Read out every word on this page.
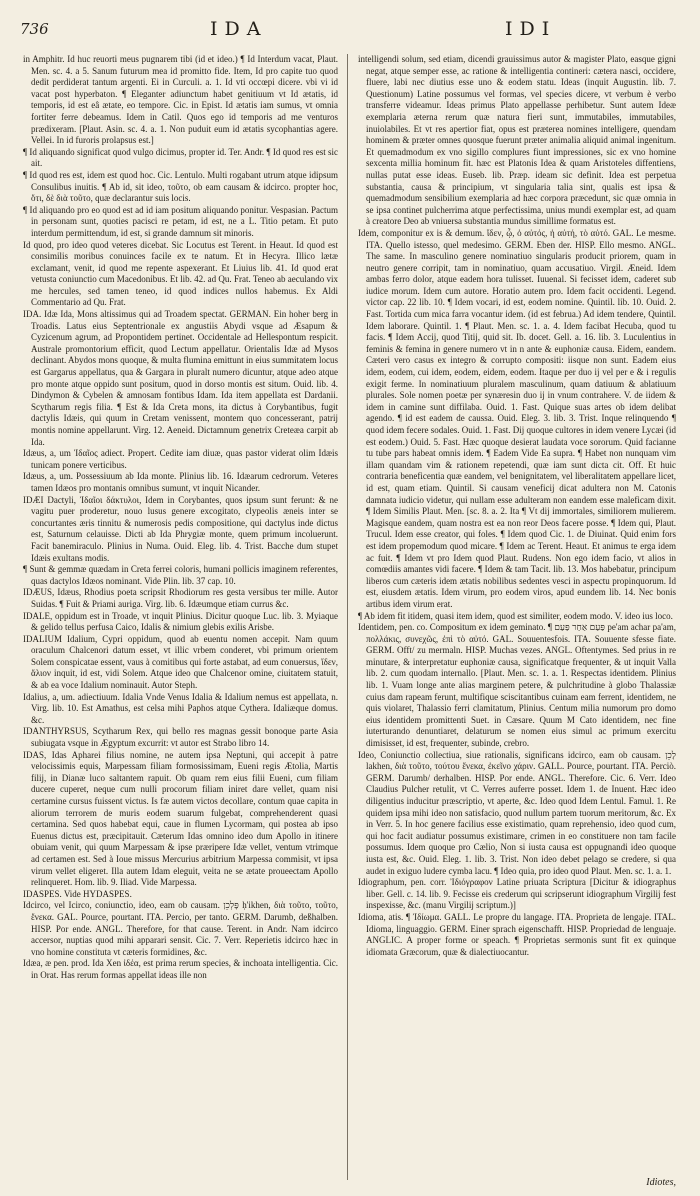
736	IDA	IDI

in Amphitr. Id huc reuorti meus pugnarem tibi (id et ideo.) ¶ Id Interdum vacat, Plaut. Men. sc. 4. a 5. Sanum futurum mea id promitto fide. Item, Id pro capite tuo quod dedit perdiderat tantum argenti. Ei in Curculi. a. 1. Id vti occœpi dicere. vbi vi id vacat post hyperbaton. ¶ Eleganter adiunctum habet genitiuum vt Id ætatis, id temporis, id est eâ ætate, eo tempore. Cic. in Epist. Id ætatis iam sumus, vt omnia fortiter ferre debeamus. Idem in Catil. Quos ego id temporis ad me venturos prædixeram. [Plaut. Asin. sc. 4. a. 1. Non puduit eum id ætatis sycophantias agere. Vellei. In id furoris prolapsus est.]

¶ Id aliquando significat quod vulgo dicimus, propter id. Ter. Andr. ¶ Id quod res est sic ait.

¶ Id quod res est, idem est quod hoc. Cic. Lentulo. Multi rogabant utrum atque idipsum Consulibus inuitis. ¶ Ab id, sit ideo, τοῦτο, ob eam causam & idcirco. propter hoc, ὅτι, δὲ διὰ τοῦτο, quæ declarantur suis locis.

¶ Id aliquando pro eo quod est ad id iam positum aliquando ponitur. Vespasian. Pactum in personam sunt, quoties pacisci re petam, id est, ne a L. Titio petam. Et puto interdum permittendum, id est, si grande damnum sit minoris.

Id quod, pro ideo quod veteres dicebat. Sic Locutus est Terent. in Heaut. Id quod est consimilis moribus conuinces facile ex te natum. Et in Hecyra. Illico lætæ exclamant, venit, id quod me repente aspexerant. Et Liuius lib. 41. Id quod erat vetusta coniunctio cum Macedonibus. Et lib. 42. ad Qu. Frat. Teneo ab aeculando vix me hercules, sed tamen teneo, id quod indices nullos habemus. Ex Aldi Commentario ad Qu. Frat.

IDA. Idæ Ida, Mons altissimus qui ad Troadem spectat. GERMAN. Ein hoher berg in Troadis. Latus eius Septentrionale ex angustiis Abydi vsque ad Æsapum & Cyzicenum agrum, ad Propontidem pertinet. Occidentale ad Hellespontum respicit. Australe promontorium efficit, quod Lectum appellatur. Orientalis Idæ ad Mysos declinant. Abydos mons quoque, & multa flumina emittunt in eius summitatem locus est Gargarus appellatus, qua & Gargara in pluralt numero dicuntur, atque adeo atque pro monte atque oppido sunt positum, quod in dorso montis est situm. Ouid. lib. 4. Dindymon & Cybelen & amnosam fontibus Idam. Ida item appellata est Dardanii. Scytharum regis filia. ¶ Est & Ida Creta mons, ita dictus à Corybantibus, fugit dactylis Idæis, qui quum in Cretam venissent, montem quo concesserant, patrij montis nomine appellarunt. Virg. 12. Aeneid. Dictamnum genetrix Creteæa carpit ab Ida.

Idæus, a, um Ἰδαῖος adiect. Propert. Cedite iam diuæ, quas pastor viderat olim Idæis tunicam ponere verticibus.

Idæus, a, um. Possessiuum ab Ida monte. Plinius lib. 16. Idæarum cedrorum. Veteres tamen Idæos pro montanis omnibus sumunt, vt inquit Nicander.

IDÆI Dactyli, Ἰδαῖοι δάκτυλοι, Idem in Corybantes, quos ipsum sunt ferunt: & ne vagitu puer proderetur, nouo lusus genere excogitato, clypeolis æneis inter se concurtantes æris tinnitu & numerosis pedis compositione, qui dactylus inde dictus est, Saturnum celauisse. Dicti ab Ida Phrygiæ monte, quem primum incoluerunt. Facit banemiraculo. Plinius in Numa. Ouid. Eleg. lib. 4. Trist. Bacche dum stupet Idæis exultans modis.

¶ Sunt & gemmæ quædam in Creta ferrei coloris, humani pollicis imaginem referentes, quas dactylos Idæos nominant. Vide Plin. lib. 37 cap. 10.

IDÆUS, Idæus, Rhodius poeta scripsit Rhodiorum res gesta versibus ter mille. Autor Suidas. ¶ Fuit & Priami auriga. Virg. lib. 6. Idæumque etiam currus &c.

IDALE, oppidum est in Troade, vt inquit Plinius. Dicitur quoque Luc. lib. 3. Myiaque & gelido tellus perfusa Caico, Idalis & nimium glebis exilis Arisbe.

IDALIUM Idalium, Cypri oppidum, quod ab euentu nomen accepit. Nam quum oraculum Chalcenori datum esset, vt illic vrbem conderet, vbi primum orientem Solem conspicatae essent, vaus à comitibus qui forte astabat, ad eum conuersus, ἴδεν, ἅλιον inquit, id est, vidi Solem. Atque ideo que Chalcenor omine, ciuitatem statuit, & ab ea voce Idalium nominauit. Autor Steph.

Idalius, a, um. adiectiuum. Idalia Vnde Venus Idalia & Idalium nemus est appellata, n. Virg. lib. 10. Est Amathus, est celsa mihi Paphos atque Cythera. Idaliæque domus. &c.

IDANTHYRSUS, Scytharum Rex, qui bello res magnas gessit bonoque parte Asia subiugata vsque in Ægyptum excurrit: vt autor est Strabo libro 14.

IDAS, Idas Apharei filius nomine, ne autem ipsa Neptuni, qui accepit à patre velocissimis equis, Marpessam filiam formosissimam, Eueni regis Ætolia, Martis filij, in Dianæ luco saltantem rapuit. Ob quam rem eius filii Eueni, cum filiam ducere cuperet, neque cum nulli procorum filiam iniret dare vellet, quam nisi certamine cursus fuissent victus. Is fæ autem victos decollare, contum quae capita in aliorum terrorem de muris eodem suarum fulgebat, comprehenderent quasi certamina. Sed quos habebat equi, caue in flumen Lycormam, qui postea ab ipso Euenus dictus est, præcipitauit. Cæterum Idas omnino ideo dum Apollo in itinere obuiam venit, qui quum Marpessam & ipse præripere Idæ vellet, ventum vtrimque ad certamen est. Sed à Ioue missus Mercurius arbitrium Marpessa commisit, vt ipsa virum vellet eligeret. Illa autem Idam eleguit, veita ne se ætate proueectam Apollo relinqueret. Hom. lib. 9. Iliad. Vide Marpessa.

IDASPES. Vide HYDASPES.

Idcirco, vel Icirco, coniunctio, ideo, eam ob causam. פָּלְכֵן ḥ'ikhen, διὰ τοῦτο, τοῦτο, ἕνεκα. GAL. Pource, pourtant. ITA. Percio, per tanto. GERM. Darumb, deßhalben. HISP. Por ende. ANGL. Therefore, for that cause. Terent. in Andr. Nam idcirco accersor, nuptias quod mihi apparari sensit. Cic. 7. Verr. Reperietis idcirco hæc in vno homine constituta vt cæteris formidines, &c.

Idæa, æ pen. prod. Ida Xen ἰδέα, est prima rerum species, & inchoata intelligentia. Cic. in Orat. Has rerum formas appellat ideas ille non

intelligendi solum, sed etiam, dicendi grauissimus autor & magister Plato, easque gigni negat, atque semper esse, ac ratione & intelligentia contineri: cætera nasci, occidere, fluere, labi nec diutius esse uno & eodem statu. Ideas (inquit Augustin. lib. 7. Questionum) Latine possumus vel formas, vel species dicere, vt verbum è verbo transferre videamur. Ideas primus Plato appellasse perhibetur. Sunt autem Ideæ exemplaria æterna rerum quæ natura fieri sunt, immutabiles, immutabiles, inuiolabiles. Et vt res apertior fiat, opus est præterea nomines intelligere, quendam hominem & præter omnes quosque fuerunt præter animalia aliquid animal ingenitum. Et quemadmodum ex vno sigillo complures fiunt impressiones, sic ex vno homine sexcenta millia hominum fit. hæc est Platonis Idea & quam Aristoteles diffentiens, nullas putat esse ideas. Euseb. lib. Præp. ideam sic definit. Idea est perpetua substantia, causa & principium, vt singularia talia sint, qualis est ipsa & quemadmodum sensibilium exemplaria ad hæc corpora præcedunt, sic quæ omnia in se ipsa continet pulcherrima atque perfectissima, unius mundi exemplar est, ad quam à creatore Deo ab vniuersa substantia mundus simillime formatus est.

Idem, componitur ex is & demum. ἴδεν, ᾧ, ὁ αὐτός, ἡ αὐτή, τὸ αὐτό. GAL. Le mesme. ITA. Quello istesso, quel medesimo. GERM. Eben der. HISP. Ello mesmo. ANGL. The same. In masculino genere nominatiuo singularis producit priorem, quam in neutro genere corripit, tam in nominatiuo, quam accusatiuo. Virgil. Æneid. Idem ambas ferro dolor, atque eadem hora tulisset. Iuuenal. Si fecisset idem, caderet sub iudice morum. Idem cum autore. Horatio autem pro. Idem facit occidenti. Legend. victor cap. 22 lib. 10. ¶ Idem vocari, id est, eodem nomine. Quintil. lib. 10. Ouid. 2. Fast. Tortida cum mica farra vocantur idem. (id est februa.) Ad idem tendere, Quintil. Idem laborare. Quintil. 1. ¶ Plaut. Men. sc. 1. a. 4. Idem facibat Hecuba, quod tu facis. ¶ Idem Accij, quod Titij, quid sit. Ib. docet. Gell. a. 16. lib. 3. Luculentius in feminis & femina in genere numero vt in n ante & euphoniæ causa. Eidem, eandem. Cæteri vero casus ex integro & corrupto compositi: iisque non sunt. Eadem eius idem, eodem, cui idem, eodem, eidem, eodem. Itaque per duo ij vel per e & i regulis exigit ferme. In nominatiuum pluralem masculinum, quam datiuum & ablatiuum plurales. Sole nomen poetæ per synæresin duo ij in vnum contrahere. V. de iidem & idem in camine sunt diffilaba. Ouid. 1. Fast. Quique suas artes ob idem delibat agendo. ¶ id est eadem de caussa. Ouid. Eleg. 3. lib. 3. Trist. Inque relinquendo ¶ quod idem fecere sodales. Ouid. 1. Fast. Dij quoque cultores in idem venere Lycæi (id est eodem.) Ouid. 5. Fast. Hæc quoque desierat laudata voce sororum. Quid facianne tu tube pars habeat omnis idem. ¶ Eadem Vide Ea supra. ¶ Habet non nunquam vim illam quandam vim & rationem repetendi, quæ iam sunt dicta cit. Off. Et huic contraria beneficentia quæ eandem, vel benignitatem, vel liberalitatem appellare licet, id est, quam etiam. Quintil. Si causam veneficij dicat adultera non M. Catonis damnata iudicio videtur, qui nullam esse adulteram non eandem esse maleficam dixit. ¶ Idem Similis Plaut. Men. [sc. 8. a. 2. Ita ¶ Vt dij immortales, similiorem mulierem. Magisque eandem, quam nostra est ea non reor Deos facere posse. ¶ Idem qui, Plaut. Trucul. Idem esse creator, qui foles. ¶ Idem quod Cic. 1. de Diuinat. Quid enim fors est idem propemodum quod micare. ¶ Idem ac Terent. Heaut. Et animus te erga idem ac fuit. ¶ Idem vt pro Idem quod Plaut. Rudens. Non ego idem facio, vt alios in comœdiis amantes vidi facere. ¶ Idem & tam Tacit. lib. 13. Mos habebatur, principum liberos cum cæteris idem ætatis nobilibus sedentes vesci in aspectu propinquorum. Id est, eiusdem ætatis. Idem virum, pro eodem viros, apud eundem lib. 14. Nec bonis artibus idem virum erat.

¶ Ab idem fit itidem, quasi item idem, quod est similiter, eodem modo. V. ideo ius loco.

Identidem, pen. co. Compositum ex idem geminato. ¶ פַּעַם אַחַר פַּעַם pe'am achar pa'am, πολλάκις, συνεχῶς, ἐπὶ τὸ αὐτό. GAL. Souuentesfois. ITA. Souuente sfesse fiate. GERM. Offt/ zu mermaln. HISP. Muchas vezes. ANGL. Oftentymes. Sed prius in re minutare, & interpretatur euphoniæ causa, significatque frequenter, & ut inquit Valla lib. 2. cum quodam internallo. [Plaut. Men. sc. 1. a. 1. Respectas identidem. Plinius lib. 1. Vuam longe ante alias marginem petere, & pulchritudine à globo Thalassiæ cuius dam rapeam ferunt, multifique sciscitantibus cuinam eam ferrent, identidem, ne quis violaret, Thalassio ferri clamitatum, Plinius. Centum milia numorum pro domo eius identidem promittenti Suet. in Cæsare. Quum M Cato identidem, nec fine iuterturando denuntiaret, delaturum se nomen eius simul ac primum exercitu dimisisset, id est, frequenter, subinde, crebro.

Ideo, Coniunctio collectiua, siue rationalis, significans idcirco, eam ob causam. לָכֵן lakhen, διὰ τοῦτο, τούτου ἕνεκα, ἐκεῖνο χάριν. GALL. Pource, pourtant. ITA. Perciò. GERM. Darumb/ derhalben. HISP. Por ende. ANGL. Therefore. Cic. 6. Verr. Ideo Claudius Pulcher retulit, vt C. Verres auferre posset. Idem 1. de Inuent. Hæc ideo diligentius inducitur præscriptio, vt aperte, &c. Ideo quod Idem Lentul. Famul. 1. Re quidem ipsa mihi ideo non satisfacio, quod nullum partem tuorum meritorum, &c. Ex in Verr. 5. In hoc genere facilius esse existimatio, quam reprehensio, ideo quod cum, qui hoc facit audiatur possumus existimare, crimen in eo constituere non tam facile possumus. Idem quoque pro Cælio, Non si iusta causa est oppugnandi ideo quoque iusta est, &c. Ouid. Eleg. 1. lib. 3. Trist. Non ideo debet pelago se credere, si qua audet in exiguo ludere cymba lacu. ¶ Ideo quia, pro ideo quod Plaut. Men. sc. 1. a. 1.

Idiographum, pen. corr. Ἰδιόγραφον Latine priuata Scriptura [Dicitur & idiographus liber. Gell. c. 14. lib. 9. Fecisse eis crederum qui scripserunt idiographum Virgilij fest inspexisse, &c. (manu Virgilij scriptum.)]

Idioma, atis. ¶ Ἰδίωμα. GALL. Le propre du langage. ITA. Proprieta de lengaje. ITAL. Idioma, linguaggio. GERM. Einer sprach eigenschafft. HISP. Propriedad de lenguaje. ANGLIC. A proper forme or speach. ¶ Proprietas sermonis sunt fit ex quinque idiomata Græcorum, quæ & dialectiuocantur.

Idiotes,
